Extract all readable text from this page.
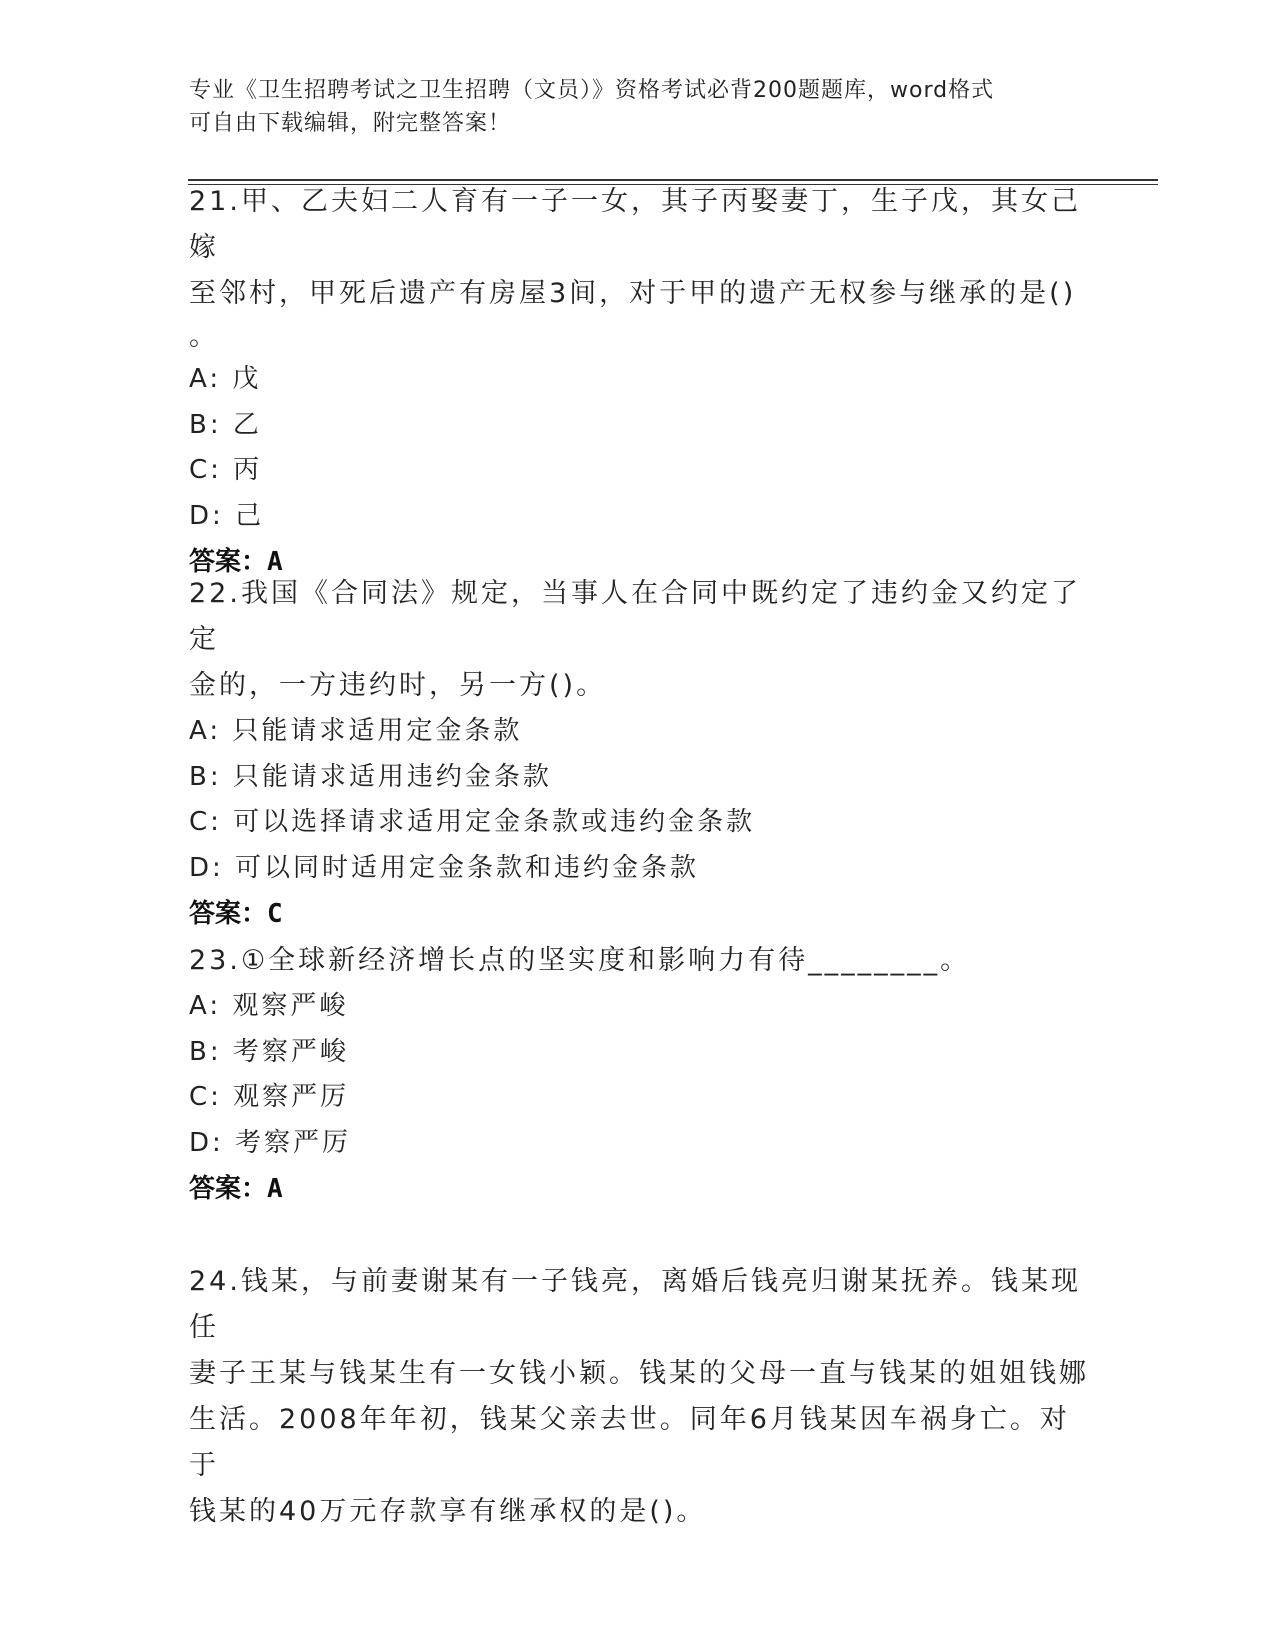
专业《卫生招聘考试之卫生招聘（文员）》资格考试必背200题题库，word格式
可自由下载编辑，附完整答案！

21.甲、乙夫妇二人育有一子一女，其子丙娶妻丁，生子戊，其女己嫁

至邻村，甲死后遗产有房屋3间，对于甲的遗产无权参与继承的是()

。

A: 戊

B: 乙

C: 丙

D: 己

答案：A

22.我国《合同法》规定，当事人在合同中既约定了违约金又约定了定

金的，一方违约时，另一方()。

A: 只能请求适用定金条款

B: 只能请求适用违约金条款

C: 可以选择请求适用定金条款或违约金条款

D: 可以同时适用定金条款和违约金条款

答案：C

23.①全球新经济增长点的坚实度和影响力有待________。

A: 观察严峻

B: 考察严峻

C: 观察严厉

D: 考察严厉

答案：A

24.钱某，与前妻谢某有一子钱亮，离婚后钱亮归谢某抚养。钱某现任

妻子王某与钱某生有一女钱小颖。钱某的父母一直与钱某的姐姐钱娜

生活。2008年年初，钱某父亲去世。同年6月钱某因车祸身亡。对于

钱某的40万元存款享有继承权的是()。
